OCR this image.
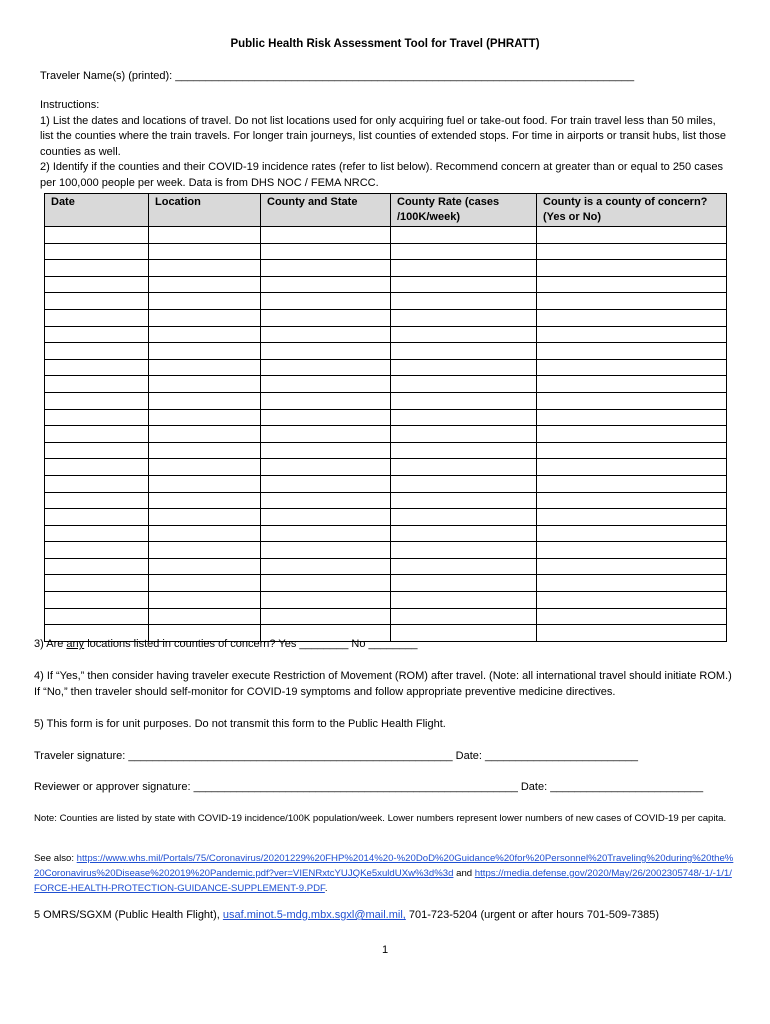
Public Health Risk Assessment Tool for Travel (PHRATT)
Traveler Name(s) (printed): ___________________________________________________________________________

Instructions:

1) List the dates and locations of travel. Do not list locations used for only acquiring fuel or take-out food. For train travel less than 50 miles, list the counties where the train travels. For longer train journeys, list counties of extended stops. For time in airports or transit hubs, list those counties as well.

2) Identify if the counties and their COVID-19 incidence rates (refer to list below). Recommend concern at greater than or equal to 250 cases per 100,000 people per week. Data is from DHS NOC / FEMA NRCC.

Date	Location	County and State	County Rate (cases /100K/week)	County is a county of concern? (Yes or No)

3) Are any locations listed in counties of concern? Yes ________ No ________
4) If “Yes,” then consider having traveler execute Restriction of Movement (ROM) after travel. (Note: all international travel should initiate ROM.) If “No,” then traveler should self-monitor for COVID-19 symptoms and follow appropriate preventive medicine directives.
5) This form is for unit purposes. Do not transmit this form to the Public Health Flight.
Traveler signature: _____________________________________________________ Date: _________________________
Reviewer or approver signature: _____________________________________________________ Date: _________________________
Note: Counties are listed by state with COVID-19 incidence/100K population/week. Lower numbers represent lower numbers of new cases of COVID-19 per capita.
See also: https://www.whs.mil/Portals/75/Coronavirus/20201229%20FHP%2014%20-%20DoD%20Guidance%20for%20Personnel%20Traveling%20during%20the%20Coronavirus%20Disease%202019%20Pandemic.pdf?ver=VIENRxtcYUJQKe5xuldUXw%3d%3d and https://media.defense.gov/2020/May/26/2002305748/-1/-1/1/FORCE-HEALTH-PROTECTION-GUIDANCE-SUPPLEMENT-9.PDF.
5 OMRS/SGXM (Public Health Flight), usaf.minot.5-mdg.mbx.sgxl@mail.mil, 701-723-5204 (urgent or after hours 701-509-7385)
1
